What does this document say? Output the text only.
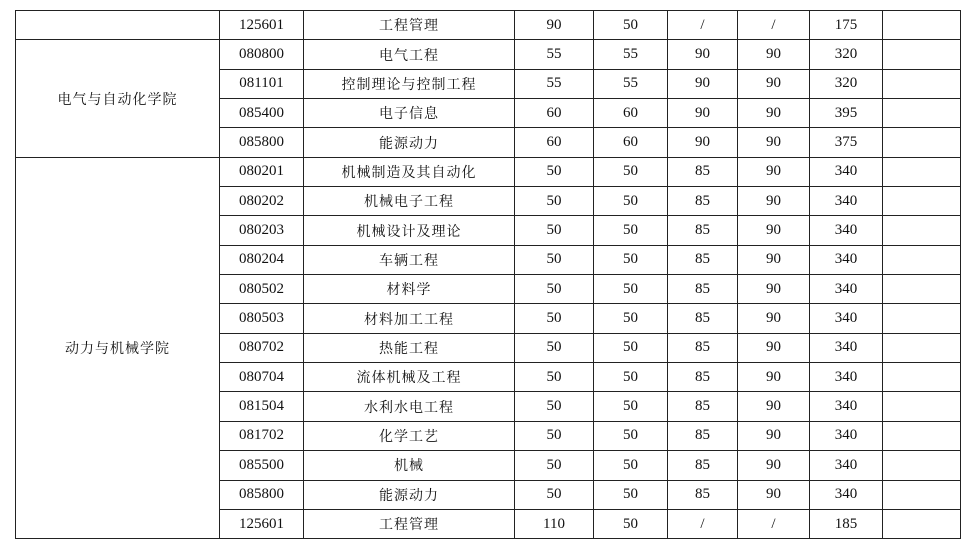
	125601	工程管理	90	50	/	/	175	
电气与自动化学院	080800	电气工程	55	55	90	90	320	
	081101	控制理论与控制工程	55	55	90	90	320	
	085400	电子信息	60	60	90	90	395	
	085800	能源动力	60	60	90	90	375	
动力与机械学院	080201	机械制造及其自动化	50	50	85	90	340	
	080202	机械电子工程	50	50	85	90	340	
	080203	机械设计及理论	50	50	85	90	340	
	080204	车辆工程	50	50	85	90	340	
	080502	材料学	50	50	85	90	340	
	080503	材料加工工程	50	50	85	90	340	
	080702	热能工程	50	50	85	90	340	
	080704	流体机械及工程	50	50	85	90	340	
	081504	水利水电工程	50	50	85	90	340	
	081702	化学工艺	50	50	85	90	340	
	085500	机械	50	50	85	90	340	
	085800	能源动力	50	50	85	90	340	
	125601	工程管理	110	50	/	/	185	
